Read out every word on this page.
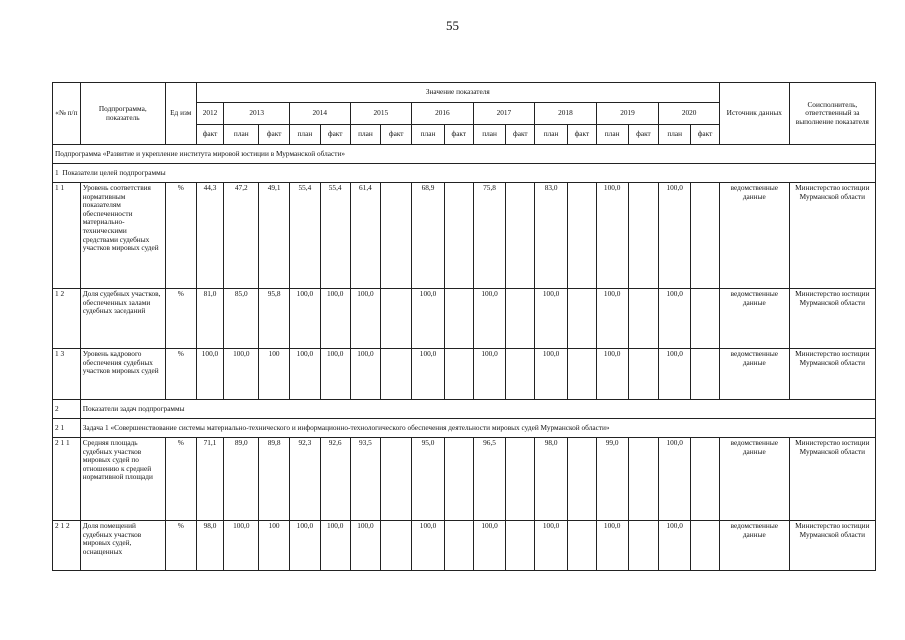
55
«№ п/п	Подпрограмма, показатель	Ед изм	Значение показателя																	Источник данных	Соисполнитель, ответственный за выполнение показателя
			2012	2013		2014		2015		2016		2017		2018		2019		2020			
			факт	план	факт	план	факт	план	факт	план	факт	план	факт	план	факт	план	факт	план	факт		
Подпрограмма «Развитие и укрепление института мировой юстиции в Мурманской области»																					
1 Показатели целей подпрограммы																					
1 1	Уровень соответствия нормативным показателям обеспеченности материально-техническими средствами судебных участков мировых судей	%	44,3	47,2	49,1	55,4	55,4	61,4		68,9		75,8		83,0		100,0		100,0		ведомственные данные	Министерство юстиции Мурманской области
1 2	Доля судебных участков, обеспеченных залами судебных заседаний	%	81,0	85,0	95,8	100,0	100,0	100,0		100,0		100,0		100,0		100,0		100,0		ведомственные данные	Министерство юстиции Мурманской области
1 3	Уровень кадрового обеспечения судебных участков мировых судей	%	100,0	100,0	100	100,0	100,0	100,0		100,0		100,0		100,0		100,0		100,0		ведомственные данные	Министерство юстиции Мурманской области
2	Показатели задач подпрограммы																				
2 1	Задача 1 «Совершенствование системы материально-технического и информационно-технологического обеспечения деятельности мировых судей Мурманской области»																				
2 1 1	Средняя площадь судебных участков мировых судей по отношению к средней нормативной площади	%	71,1	89,0	89,8	92,3	92,6	93,5		95,0		96,5		98,0		99,0		100,0		ведомственные данные	Министерство юстиции Мурманской области
2 1 2	Доля помещений судебных участков мировых судей, оснащенных	%	98,0	100,0	100	100,0	100,0	100,0		100,0		100,0		100,0		100,0		100,0		ведомственные данные	Министерство юстиции Мурманской области
